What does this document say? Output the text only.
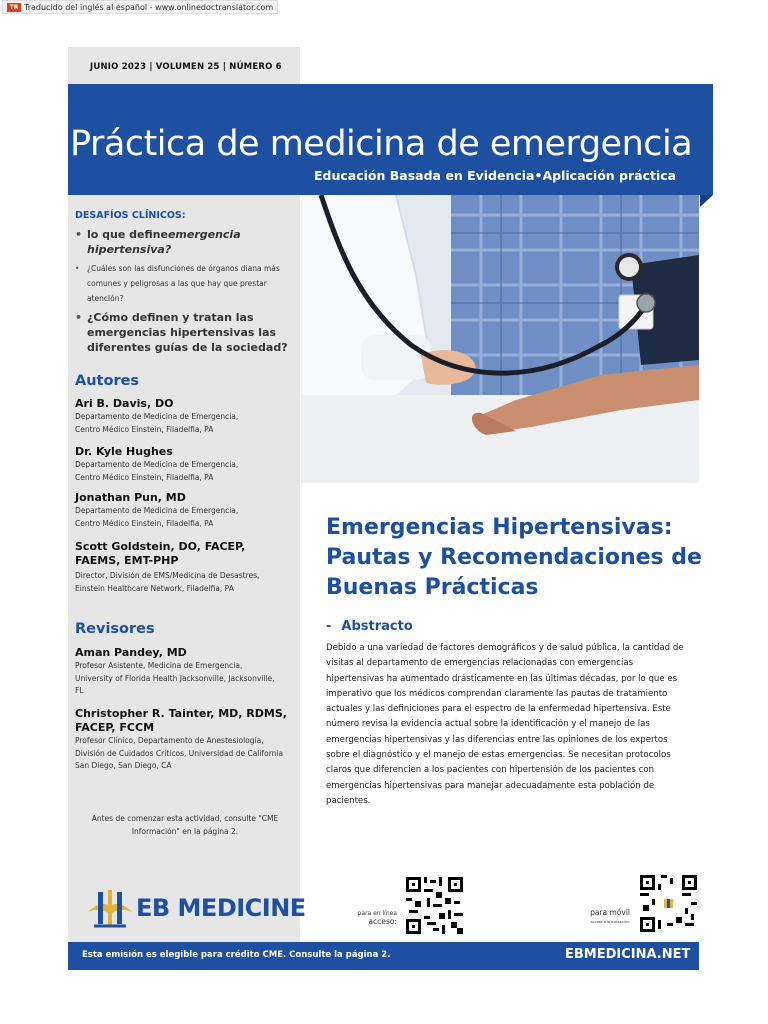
TR Traducido del inglés al español - www.onlinedoctranslator.com
JUNIO 2023 | VOLUMEN 25 | NÚMERO 6
Práctica de medicina de emergencia
Educación Basada en Evidencia•Aplicación práctica
DESAFÍOS CLÍNICOS:
• lo que defineemergencia hipertensiva?
• ¿Cuáles son las disfunciones de órganos diana más comunes y peligrosas a las que hay que prestar atención?
• ¿Cómo definen y tratan las emergencias hipertensivas las diferentes guías de la sociedad?
Autores
Ari B. Davis, DO
Departamento de Medicina de Emergencia,
Centro Médico Einstein, Filadelfia, PA
Dr. Kyle Hughes
Departamento de Medicina de Emergencia,
Centro Médico Einstein, Filadelfia, PA
Jonathan Pun, MD
Departamento de Medicina de Emergencia,
Centro Médico Einstein, Filadelfia, PA
Scott Goldstein, DO, FACEP, FAEMS, EMT-PHP
Director, División de EMS/Medicina de Desastres,
Einstein Healthcare Network, Filadelfia, PA
Revisores
Aman Pandey, MD
Profesor Asistente, Medicina de Emergencia, University of Florida Health Jacksonville, Jacksonville, FL
Christopher R. Tainter, MD, RDMS, FACEP, FCCM
Profesor Clínico, Departamento de Anestesiología, División de Cuidados Críticos, Universidad de California San Diego, San Diego, CA
Antes de comenzar esta actividad, consulte "CME Información" en la página 2.
EB MEDICINE
Emergencias Hipertensivas: Pautas y Recomendaciones de Buenas Prácticas
- Abstracto
Debido a una variedad de factores demográficos y de salud pública, la cantidad de visitas al departamento de emergencias relacionadas con emergencias hipertensivas ha aumentado drásticamente en las últimas décadas, por lo que es imperativo que los médicos comprendan claramente las pautas de tratamiento actuales y las definiciones para el espectro de la enfermedad hipertensiva. Este número revisa la evidencia actual sobre la identificación y el manejo de las emergencias hipertensivas y las diferencias entre las opiniones de los expertos sobre el diagnóstico y el manejo de estas emergencias. Se necesitan protocolos claros que diferencien a los pacientes con hipertensión de los pacientes con emergencias hipertensivas para manejar adecuadamente esta población de pacientes.
para en línea
acceso:
para móvil
acceso a la aplicación:
Esta emisión es elegible para crédito CME. Consulte la página 2.	EBMEDICINA.NET
